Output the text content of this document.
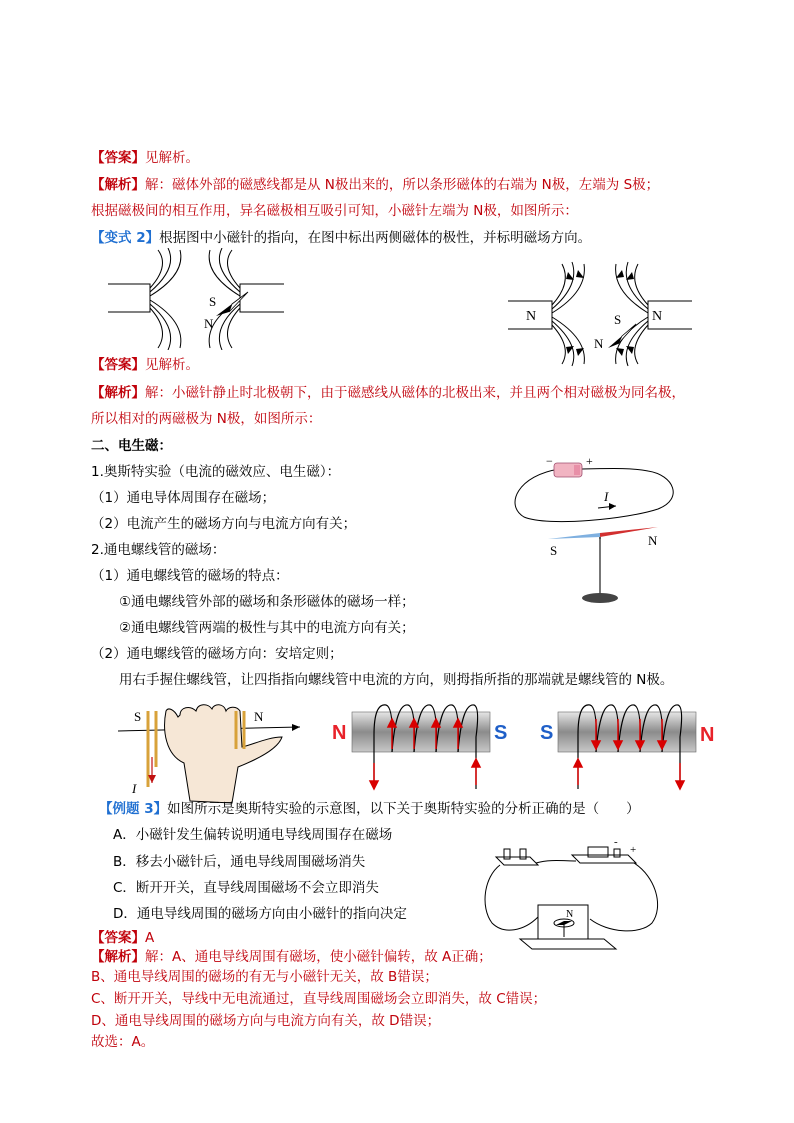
【答案】见解析。
【解析】解：磁体外部的磁感线都是从 N极出来的，所以条形磁体的右端为 N极，左端为 S极；
根据磁极间的相互作用，异名磁极相互吸引可知，小磁针左端为 N极，如图所示：
【变式 2】根据图中小磁针的指向，在图中标出两侧磁体的极性，并标明磁场方向。
S
N	N	N
S
N
【答案】见解析。
【解析】解：小磁针静止时北极朝下，由于磁感线从磁体的北极出来，并且两个相对磁极为同名极，
所以相对的两磁极为 N极，如图所示：
二、电生磁：
1.奥斯特实验（电流的磁效应、电生磁）：
（1）通电导体周围存在磁场；
（2）电流产生的磁场方向与电流方向有关；
2.通电螺线管的磁场：
（1）通电螺线管的磁场的特点：
①通电螺线管外部的磁场和条形磁体的磁场一样；
②通电螺线管两端的极性与其中的电流方向有关；
（2）通电螺线管的磁场方向：安培定则；
用右手握住螺线管，让四指指向螺线管中电流的方向，则拇指所指的那端就是螺线管的 N极。
−	+
I
S
N
S	N
I
N	S S	N
【例题 3】如图所示是奥斯特实验的示意图，以下关于奥斯特实验的分析正确的是（　　）
A．小磁针发生偏转说明通电导线周围存在磁场
B．移去小磁针后，通电导线周围磁场消失
C．断开开关，直导线周围磁场不会立即消失
D．通电导线周围的磁场方向由小磁针的指向决定
-
+
N
【答案】A
【解析】解：A、通电导线周围有磁场，使小磁针偏转，故 A正确；
B、通电导线周围的磁场的有无与小磁针无关，故 B错误；
C、断开开关，导线中无电流通过，直导线周围磁场会立即消失，故 C错误；
D、通电导线周围的磁场方向与电流方向有关，故 D错误；
故选：A。
